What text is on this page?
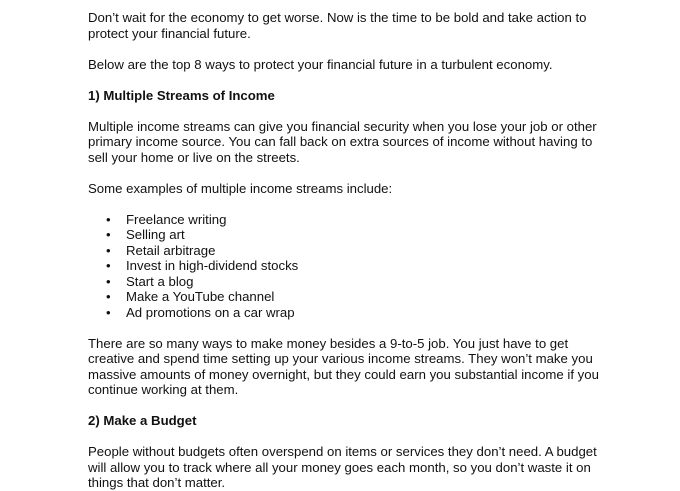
Don’t wait for the economy to get worse. Now is the time to be bold and take action to protect your financial future.

Below are the top 8 ways to protect your financial future in a turbulent economy.

1) Multiple Streams of Income

Multiple income streams can give you financial security when you lose your job or other primary income source. You can fall back on extra sources of income without having to sell your home or live on the streets.

Some examples of multiple income streams include:

• Freelance writing
• Selling art
• Retail arbitrage
• Invest in high-dividend stocks
• Start a blog
• Make a YouTube channel
• Ad promotions on a car wrap

There are so many ways to make money besides a 9-to-5 job. You just have to get creative and spend time setting up your various income streams. They won’t make you massive amounts of money overnight, but they could earn you substantial income if you continue working at them.

2) Make a Budget

People without budgets often overspend on items or services they don’t need. A budget will allow you to track where all your money goes each month, so you don’t waste it on things that don’t matter.
